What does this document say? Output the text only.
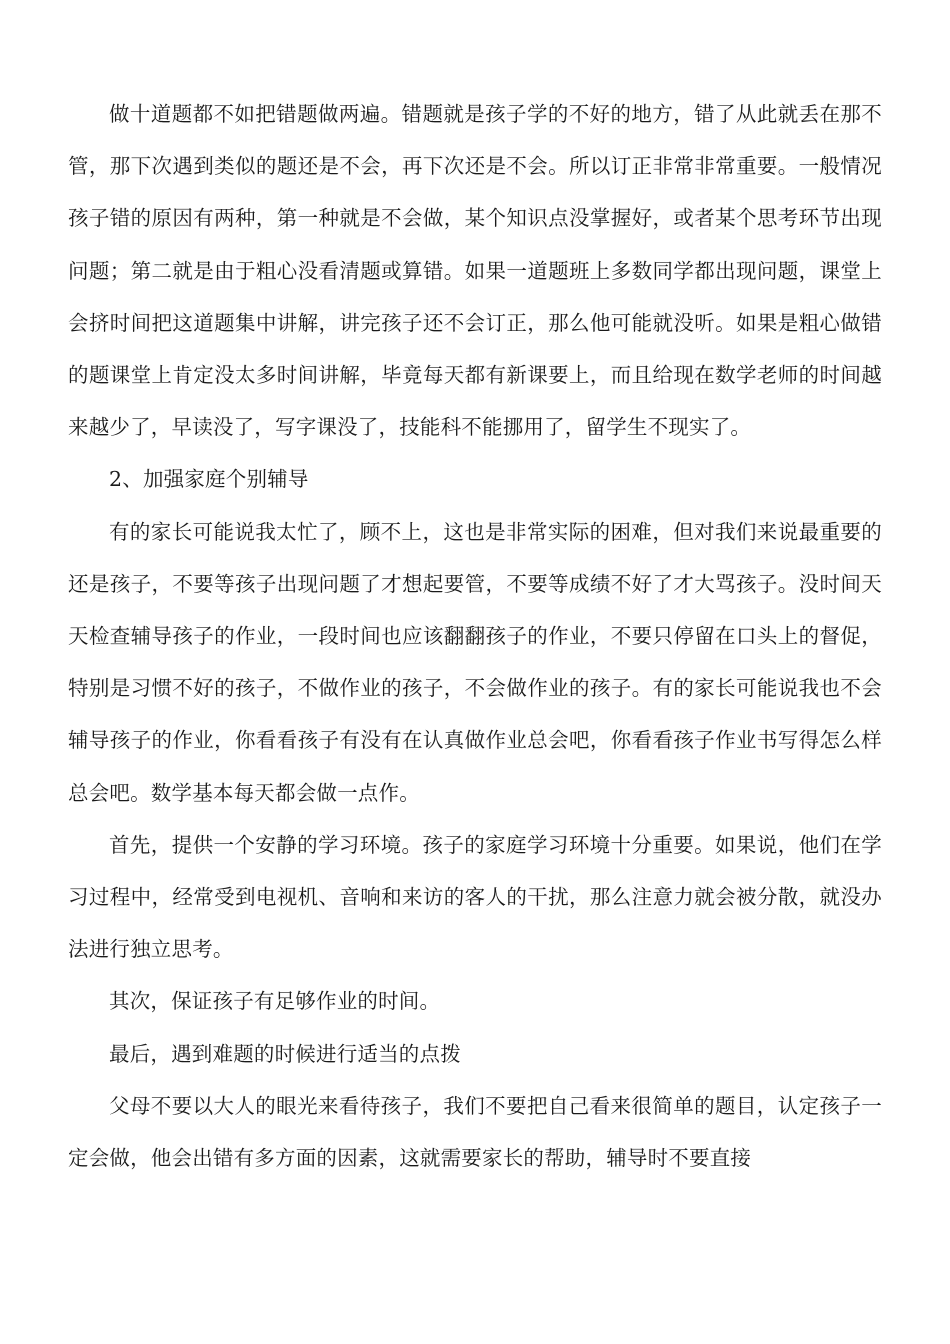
做十道题都不如把错题做两遍。错题就是孩子学的不好的地方，错了从此就丢在那不管，那下次遇到类似的题还是不会，再下次还是不会。所以订正非常非常重要。一般情况孩子错的原因有两种，第一种就是不会做，某个知识点没掌握好，或者某个思考环节出现问题；第二就是由于粗心没看清题或算错。如果一道题班上多数同学都出现问题，课堂上会挤时间把这道题集中讲解，讲完孩子还不会订正，那么他可能就没听。如果是粗心做错的题课堂上肯定没太多时间讲解，毕竟每天都有新课要上，而且给现在数学老师的时间越来越少了，早读没了，写字课没了，技能科不能挪用了，留学生不现实了。

2、加强家庭个别辅导

有的家长可能说我太忙了，顾不上，这也是非常实际的困难，但对我们来说最重要的还是孩子，不要等孩子出现问题了才想起要管，不要等成绩不好了才大骂孩子。没时间天天检查辅导孩子的作业，一段时间也应该翻翻孩子的作业，不要只停留在口头上的督促，特别是习惯不好的孩子，不做作业的孩子，不会做作业的孩子。有的家长可能说我也不会辅导孩子的作业，你看看孩子有没有在认真做作业总会吧，你看看孩子作业书写得怎么样总会吧。数学基本每天都会做一点作。

首先，提供一个安静的学习环境。孩子的家庭学习环境十分重要。如果说，他们在学习过程中，经常受到电视机、音响和来访的客人的干扰，那么注意力就会被分散，就没办法进行独立思考。

其次，保证孩子有足够作业的时间。

最后，遇到难题的时候进行适当的点拨

父母不要以大人的眼光来看待孩子，我们不要把自己看来很简单的题目，认定孩子一定会做，他会出错有多方面的因素，这就需要家长的帮助，辅导时不要直接
